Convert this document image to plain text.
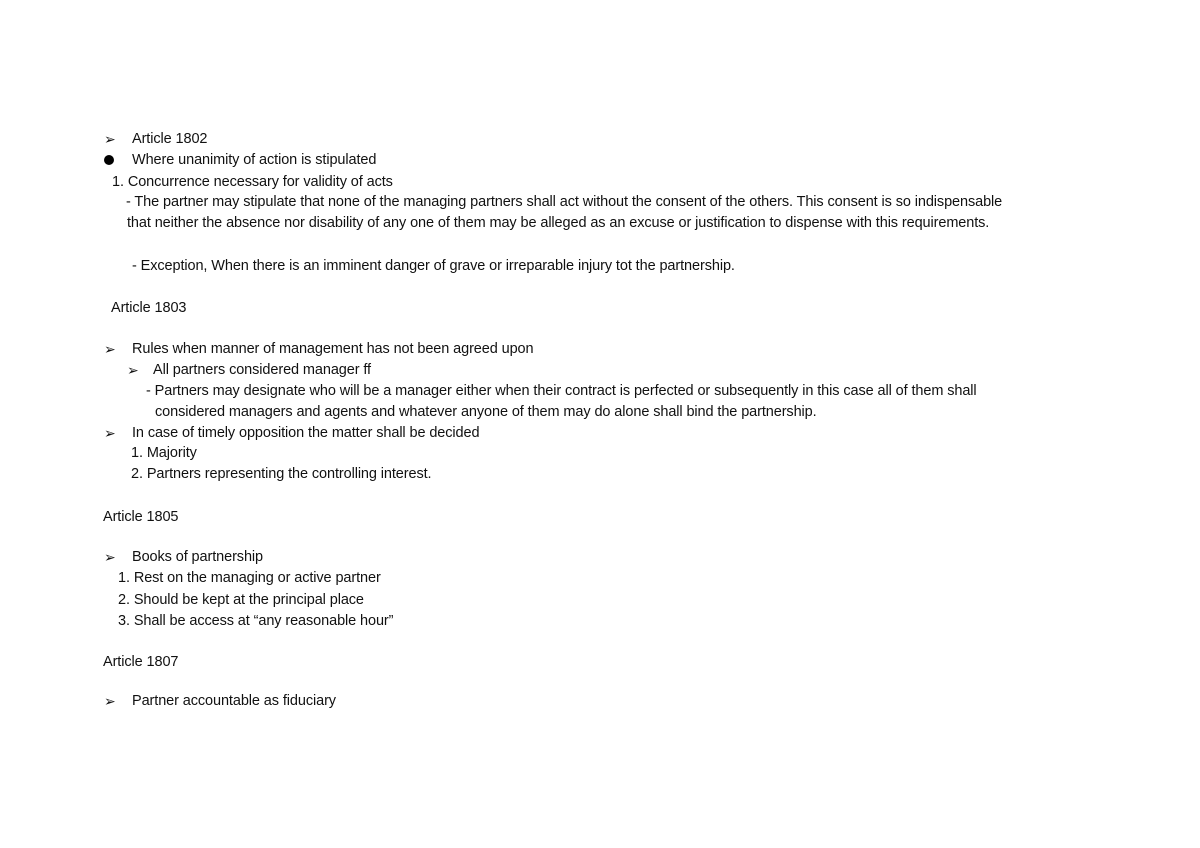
➢	Article 1802
Where unanimity of action is stipulated
1. Concurrence necessary for validity of acts
- The partner may stipulate that none of the managing partners shall act without the consent of the others. This consent is so indispensable
that neither the absence nor disability of any one of them may be alleged as an excuse or justification to dispense with this requirements.
- Exception, When there is an imminent danger of grave or irreparable injury tot the partnership.
Article 1803
➢	Rules when manner of management has not been agreed upon
➢ All partners considered manager ff
- Partners may designate who will be a manager either when their contract is perfected or subsequently in this case all of them shall
considered managers and agents and whatever anyone of them may do alone shall bind the partnership.
➢	In case of timely opposition the matter shall be decided
1. Majority
2. Partners representing the controlling interest.
Article 1805
➢	Books of partnership
1. Rest on the managing or active partner
2. Should be kept at the principal place
3. Shall be access at “any reasonable hour”
Article 1807
➢	Partner accountable as fiduciary
